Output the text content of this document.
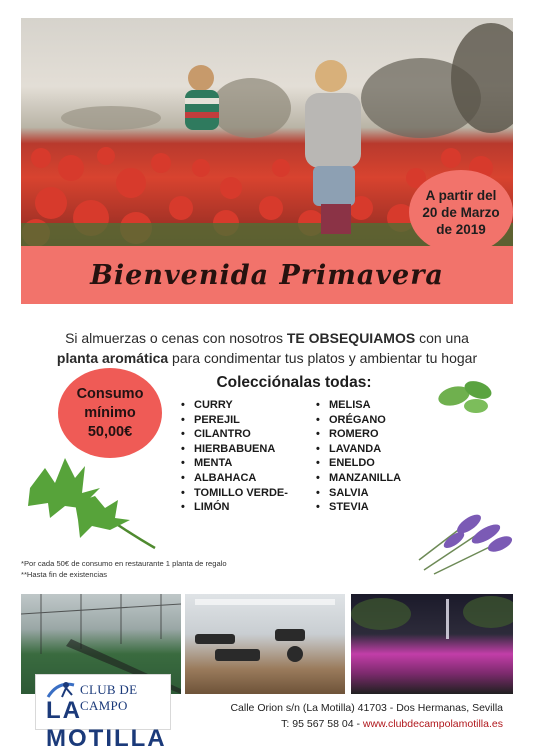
A partir del
20 de Marzo
de 2019
Bienvenida Primavera
Si almuerzas o cenas con nosotros TE OBSEQUIAMOS con una
planta aromática para condimentar tus platos y ambientar tu hogar
Consumo
mínimo
50,00€
Colecciónalas todas:
• CURRY
• PEREJIL
• CILANTRO
• HIERBABUENA
• MENTA
• ALBAHACA
• TOMILLO VERDE-
• LIMÓN
• MELISA
• ORÉGANO
• ROMERO
• LAVANDA
• ENELDO
• MANZANILLA
• SALVIA
• STEVIA
*Por cada 50€ de consumo en restaurante 1 planta de regalo
**Hasta fin de existencias
CLUB DE CAMPO
LA MOTILLA
Calle Orion s/n (La Motilla) 41703 - Dos Hermanas, Sevilla
T: 95 567 58 04 - www.clubdecampolamotilla.es
